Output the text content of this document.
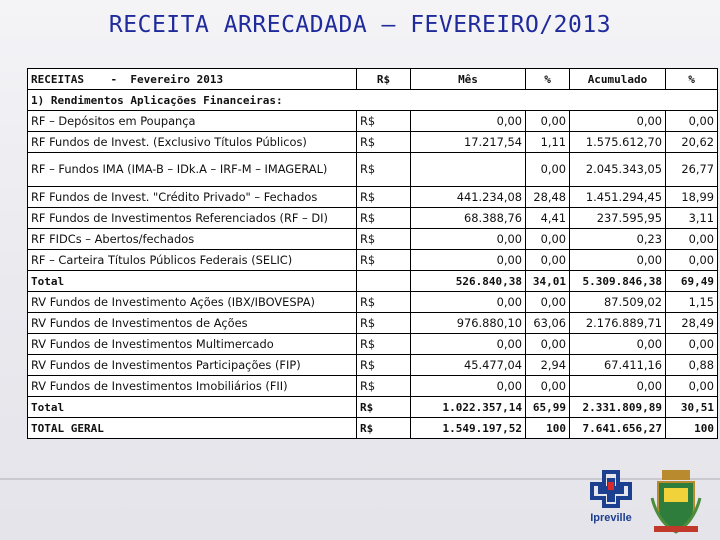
RECEITA ARRECADADA – FEVEREIRO/2013
RECEITAS - Fevereiro 2013	R$	Mês	%	Acumulado	%
1) Rendimentos Aplicações Financeiras:					
RF – Depósitos em Poupança	R$	0,00	0,00	0,00	0,00
RF Fundos de Invest. (Exclusivo Títulos Públicos)	R$	17.217,54	1,11	1.575.612,70	20,62
RF – Fundos IMA (IMA-B – IDk.A – IRF-M – IMAGERAL)	R$		0,00	2.045.343,05	26,77
RF Fundos de Invest. "Crédito Privado" – Fechados	R$	441.234,08	28,48	1.451.294,45	18,99
RF Fundos de Investimentos Referenciados (RF – DI)	R$	68.388,76	4,41	237.595,95	3,11
RF FIDCs – Abertos/fechados	R$	0,00	0,00	0,23	0,00
RF – Carteira Títulos Públicos Federais (SELIC)	R$	0,00	0,00	0,00	0,00
Total		526.840,38	34,01	5.309.846,38	69,49
RV Fundos de Investimento Ações (IBX/IBOVESPA)	R$	0,00	0,00	87.509,02	1,15
RV Fundos de Investimentos de Ações	R$	976.880,10	63,06	2.176.889,71	28,49
RV Fundos de Investimentos Multimercado	R$	0,00	0,00	0,00	0,00
RV Fundos de Investimentos Participações (FIP)	R$	45.477,04	2,94	67.411,16	0,88
RV Fundos de Investimentos Imobiliários (FII)	R$	0,00	0,00	0,00	0,00
Total	R$	1.022.357,14	65,99	2.331.809,89	30,51
TOTAL GERAL	R$	1.549.197,52	100	7.641.656,27	100
Ipreville
